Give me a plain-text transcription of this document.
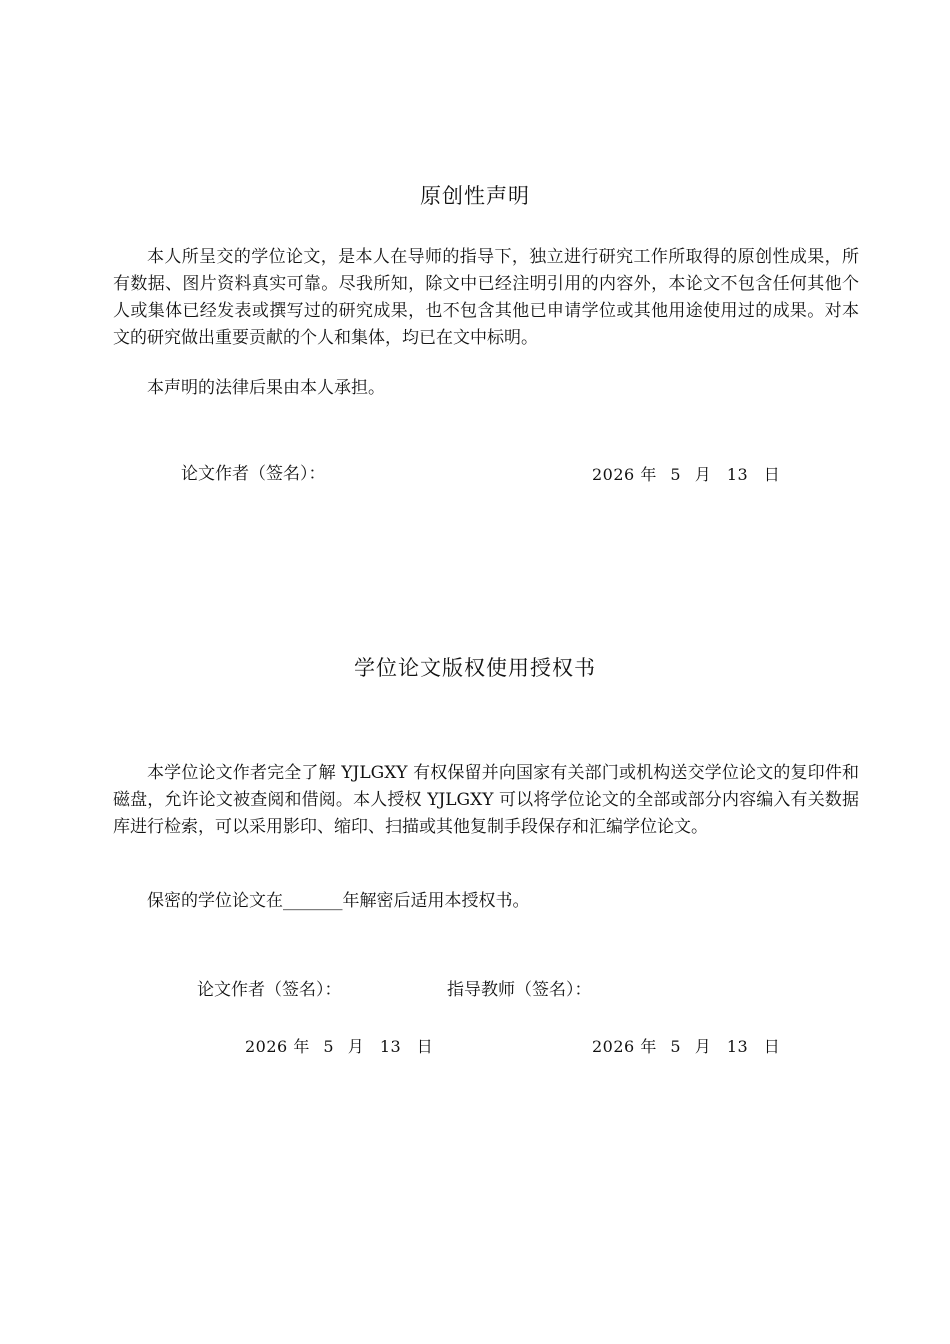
原创性声明
本人所呈交的学位论文，是本人在导师的指导下，独立进行研究工作所取得的原创性成果，所有数据、图片资料真实可靠。尽我所知，除文中已经注明引用的内容外，本论文不包含任何其他个人或集体已经发表或撰写过的研究成果，也不包含其他已申请学位或其他用途使用过的成果。对本文的研究做出重要贡献的个人和集体，均已在文中标明。
本声明的法律后果由本人承担。
论文作者（签名）：	2026 年 5 月 13 日
学位论文版权使用授权书
本学位论文作者完全了解 YJLGXY 有权保留并向国家有关部门或机构送交学位论文的复印件和磁盘，允许论文被查阅和借阅。本人授权 YJLGXY 可以将学位论文的全部或部分内容编入有关数据库进行检索，可以采用影印、缩印、扫描或其他复制手段保存和汇编学位论文。
保密的学位论文在_______年解密后适用本授权书。
论文作者（签名）：	指导教师（签名）：
2026 年 5 月 13 日	2026 年 5 月 13 日
